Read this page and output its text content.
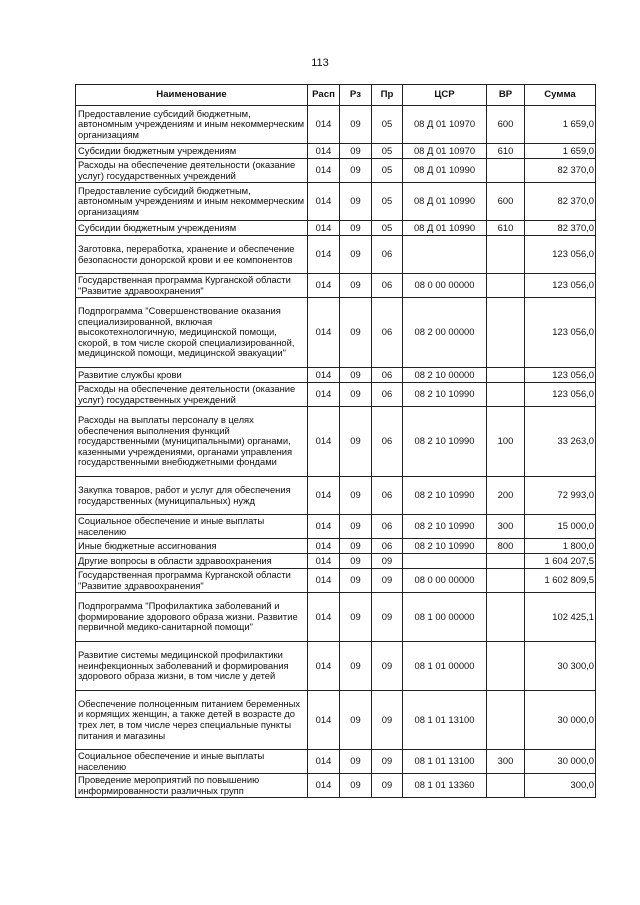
113
Наименование	Расп	Рз	Пр	ЦСР	ВР	Сумма
Предоставление субсидий бюджетным, автономным учреждениям и иным некоммерческим организациям	014	09	05	08 Д 01 10970	600	1 659,0
Субсидии бюджетным учреждениям	014	09	05	08 Д 01 10970	610	1 659,0
Расходы на обеспечение деятельности (оказание услуг) государственных учреждений	014	09	05	08 Д 01 10990		82 370,0
Предоставление субсидий бюджетным, автономным учреждениям и иным некоммерческим организациям	014	09	05	08 Д 01 10990	600	82 370,0
Субсидии бюджетным учреждениям	014	09	05	08 Д 01 10990	610	82 370,0
Заготовка, переработка, хранение и обеспечение безопасности донорской крови и ее компонентов	014	09	06			123 056,0
Государственная программа Курганской области "Развитие здравоохранения"	014	09	06	08 0 00 00000		123 056,0
Подпрограмма "Совершенствование оказания специализированной, включая высокотехнологичную, медицинской помощи, скорой, в том числе скорой специализированной, медицинской помощи, медицинской эвакуации"	014	09	06	08 2 00 00000		123 056,0
Развитие службы крови	014	09	06	08 2 10 00000		123 056,0
Расходы на обеспечение деятельности (оказание услуг) государственных учреждений	014	09	06	08 2 10 10990		123 056,0
Расходы на выплаты персоналу в целях обеспечения выполнения функций государственными (муниципальными) органами, казенными учреждениями, органами управления государственными внебюджетными фондами	014	09	06	08 2 10 10990	100	33 263,0
Закупка товаров, работ и услуг для обеспечения государственных (муниципальных) нужд	014	09	06	08 2 10 10990	200	72 993,0
Социальное обеспечение и иные выплаты населению	014	09	06	08 2 10 10990	300	15 000,0
Иные бюджетные ассигнования	014	09	06	08 2 10 10990	800	1 800,0
Другие вопросы в области здравоохранения	014	09	09			1 604 207,5
Государственная программа Курганской области "Развитие здравоохранения"	014	09	09	08 0 00 00000		1 602 809,5
Подпрограмма "Профилактика заболеваний и формирование здорового образа жизни. Развитие первичной медико-санитарной помощи"	014	09	09	08 1 00 00000		102 425,1
Развитие системы медицинской профилактики неинфекционных заболеваний и формирования здорового образа жизни, в том числе у детей	014	09	09	08 1 01 00000		30 300,0
Обеспечение полноценным питанием беременных и кормящих женщин, а также детей в возрасте до трех лет, в том числе через специальные пункты питания и магазины	014	09	09	08 1 01 13100		30 000,0
Социальное обеспечение и иные выплаты населению	014	09	09	08 1 01 13100	300	30 000,0
Проведение мероприятий по повышению информированности различных групп	014	09	09	08 1 01 13360		300,0
